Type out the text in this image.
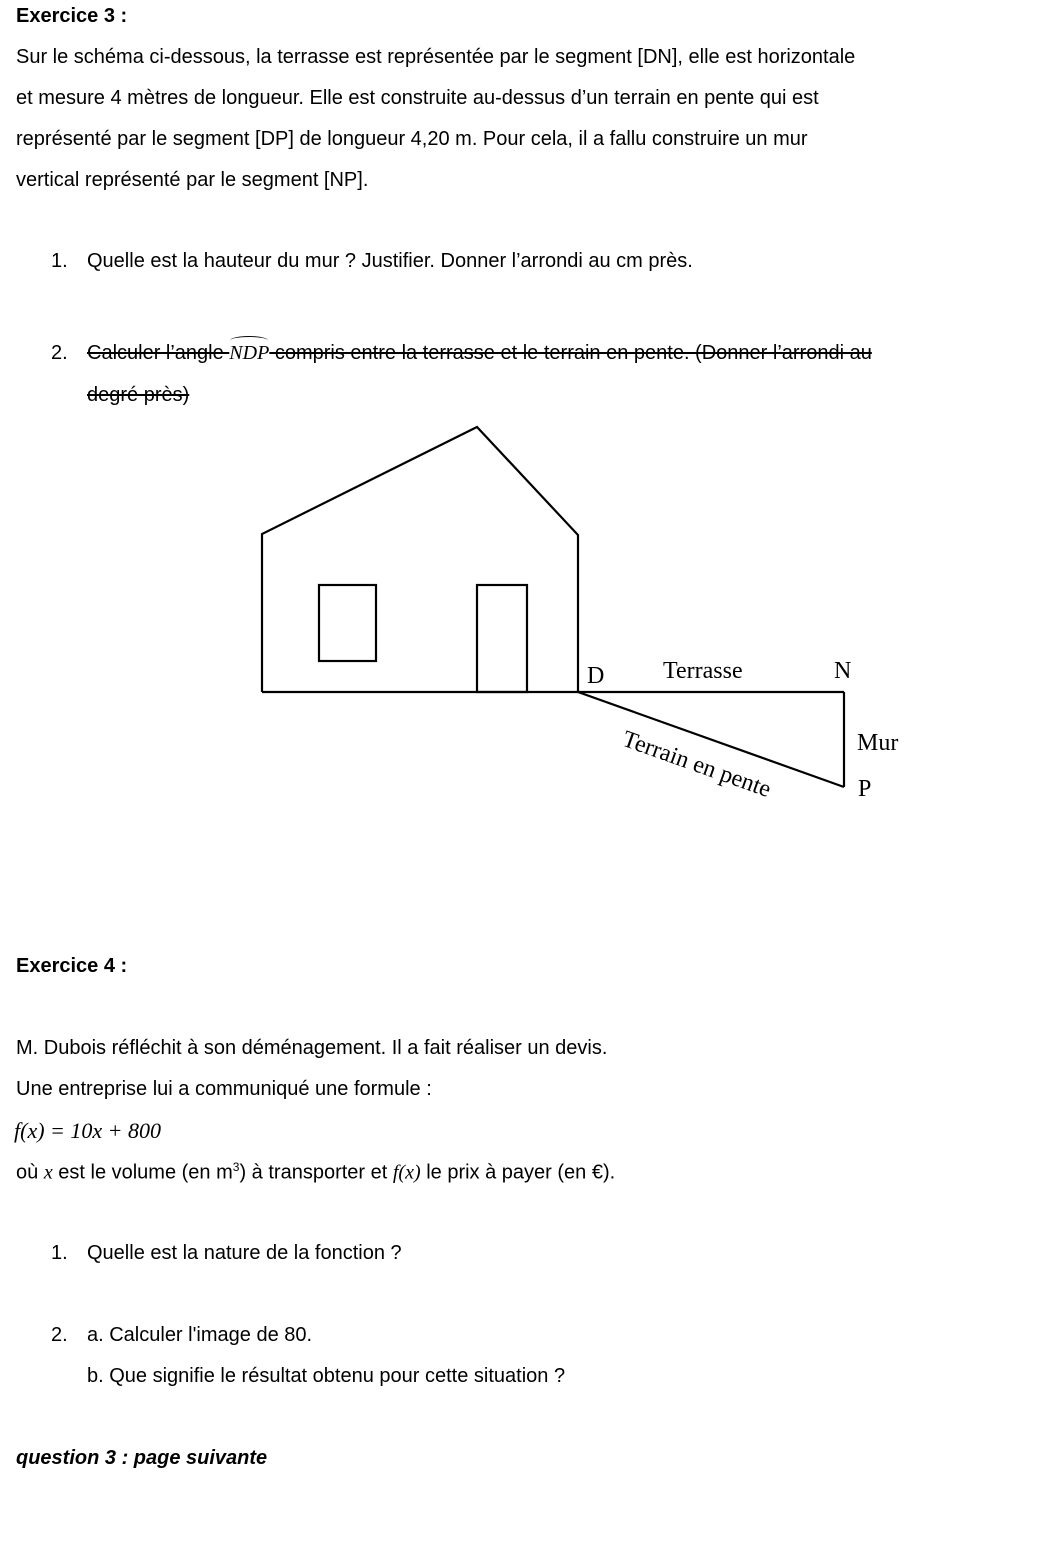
Exercice 3 :
Sur le schéma ci-dessous, la terrasse est représentée par le segment [DN], elle est horizontale
et mesure 4 mètres de longueur. Elle est construite au-dessus d’un terrain en pente qui est
représenté par le segment [DP] de longueur 4,20 m. Pour cela, il a fallu construire un mur
vertical représenté par le segment [NP].
1. Quelle est la hauteur du mur ? Justifier. Donner l’arrondi au cm près.
2. Calculer l’angle NDP compris entre la terrasse et le terrain en pente. (Donner l’arrondi au
degré près)
D Terrasse	N
Mur
P
Terrain en pente
Exercice 4 :
M. Dubois réfléchit à son déménagement. Il a fait réaliser un devis.
Une entreprise lui a communiqué une formule :
f(x) = 10x + 800
où x est le volume (en $m^3$) à transporter et f(x) le prix à payer (en €).
1. Quelle est la nature de la fonction ?
2. a. Calculer l'image de 80.
b. Que signifie le résultat obtenu pour cette situation ?
question 3 : page suivante
